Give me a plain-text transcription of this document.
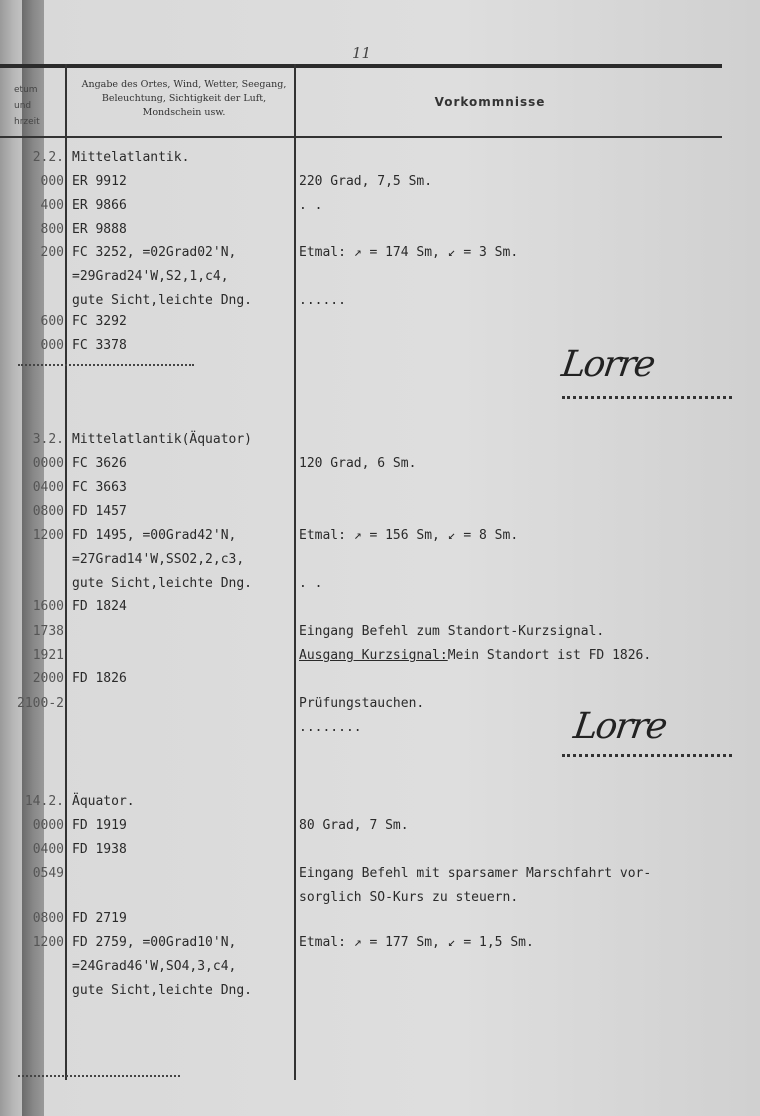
11
etum
und
hrzeit
Angabe des Ortes, Wind, Wetter, Seegang, Beleuchtung, Sichtigkeit der Luft, Mondschein usw.
Vorkommnisse
2.2. Mittelatlantik.
000 ER 9912	220 Grad, 7,5 Sm.
400 ER 9866	. .
800 ER 9888
200 FC 3252, =02Grad02'N,	Etmal: ↗ = 174 Sm, ↙ = 3 Sm.
=29Grad24'W,S2,1,c4,
gute Sicht,leichte Dng.	......
600 FC 3292
000 FC 3378
3.2. Mittelatlantik(Äquator)
0000 FC 3626	120 Grad, 6 Sm.
0400 FC 3663
0800 FD 1457
1200 FD 1495, =00Grad42'N,	Etmal: ↗ = 156 Sm, ↙ = 8 Sm.
=27Grad14'W,SSO2,2,c3,
gute Sicht,leichte Dng.	. .
1600 FD 1824
1738	Eingang Befehl zum Standort-Kurzsignal.
1921	Ausgang Kurzsignal:Mein Standort ist FD 1826.
2000 FD 1826
2100-2	Prüfungstauchen.
........
14.2. Äquator.
0000 FD 1919	80 Grad, 7 Sm.
0400 FD 1938
0549	Eingang Befehl mit sparsamer Marschfahrt vor-
sorglich SO-Kurs zu steuern.
0800 FD 2719
1200 FD 2759, =00Grad10'N,	Etmal: ↗ = 177 Sm, ↙ = 1,5 Sm.
=24Grad46'W,SO4,3,c4,
gute Sicht,leichte Dng.
Lorre
Lorre
